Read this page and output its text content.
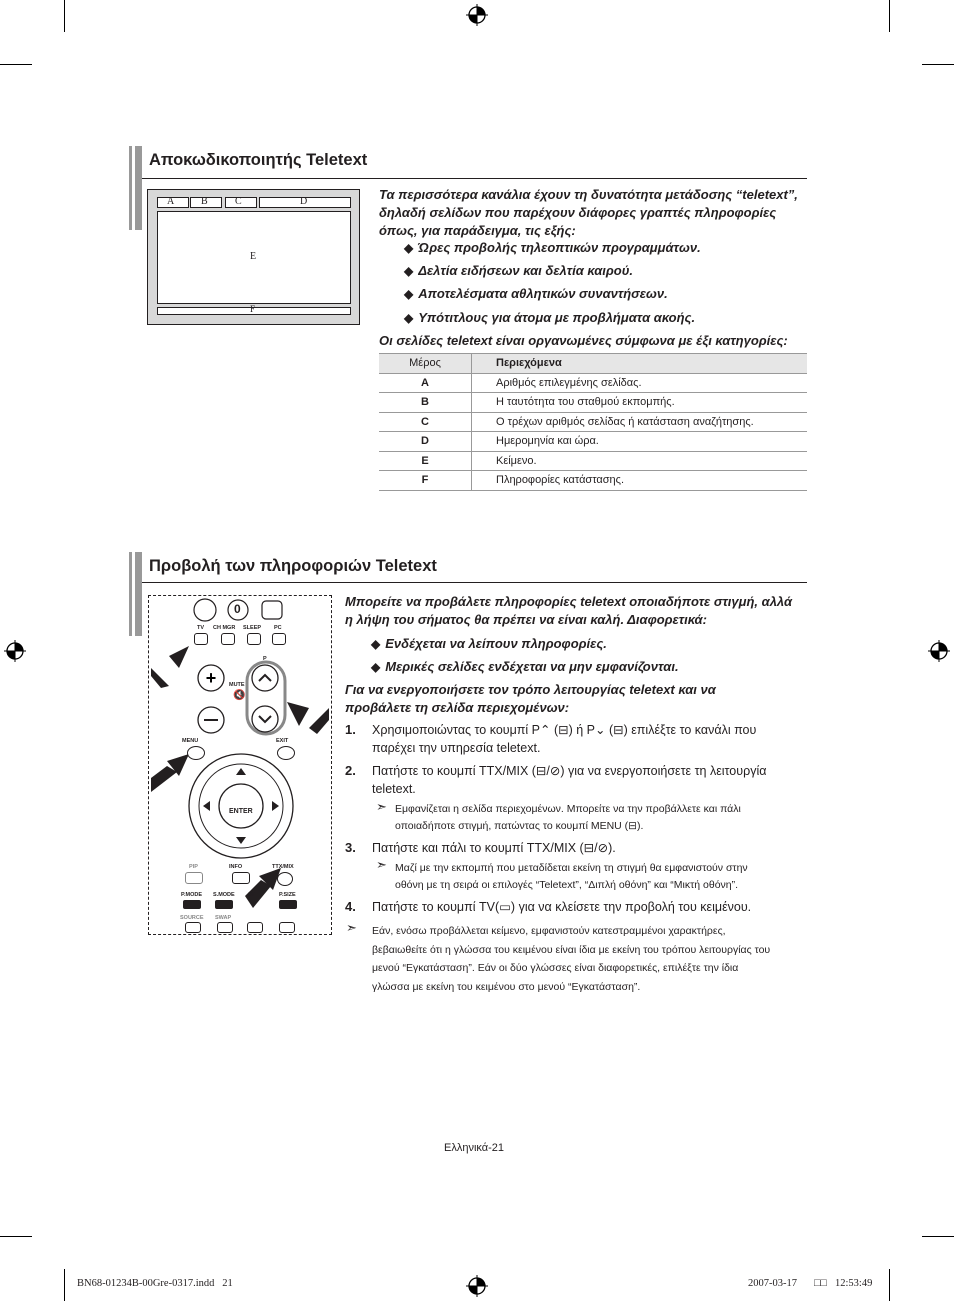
Αποκωδικοποιητής Teletext
A	B	C	D
E
F
Τα περισσότερα κανάλια έχουν τη δυνατότητα μετάδοσης “teletext”, δηλαδή σελίδων που παρέχουν διάφορες γραπτές πληροφορίες όπως, για παράδειγμα, τις εξής:
◆ Ώρες προβολής τηλεοπτικών προγραμμάτων.
◆ Δελτία ειδήσεων και δελτία καιρού.
◆ Αποτελέσματα αθλητικών συναντήσεων.
◆ Υπότιτλους για άτομα με προβλήματα ακοής.
Οι σελίδες teletext είναι οργανωμένες σύμφωνα με έξι κατηγορίες:
Μέρος	Περιεχόμενα
A	Αριθμός επιλεγμένης σελίδας.
B	Η ταυτότητα του σταθμού εκπομπής.
C	Ο τρέχων αριθμός σελίδας ή κατάσταση αναζήτησης.
D	Ημερομηνία και ώρα.
E	Κείμενο.
F	Πληροφορίες κατάστασης.
Προβολή των πληροφοριών Teletext
+
0
TV CH MGR SLEEP PC
P
MUTE
🔇
MENU	EXIT
ENTER
PIP	INFO	TTX/MIX
P.MODE S.MODE ST	P.SIZE
SOURCE SWAP
Μπορείτε να προβάλετε πληροφορίες teletext οποιαδήποτε στιγμή, αλλά η λήψη του σήματος θα πρέπει να είναι καλή. Διαφορετικά:
◆ Ενδέχεται να λείπουν πληροφορίες.
◆ Μερικές σελίδες ενδέχεται να μην εμφανίζονται.
Για να ενεργοποιήσετε τον τρόπο λειτουργίας teletext και να προβάλετε τη σελίδα περιεχομένων:
1. Χρησιμοποιώντας το κουμπί P⌃ (⊟) ή P⌄ (⊟) επιλέξτε το κανάλι που
παρέχει την υπηρεσία teletext.
2. Πατήστε το κουμπί TTX/MIX (⊟/⊘) για να ενεργοποιήσετε τη λειτουργία
teletext.
➣ Εμφανίζεται η σελίδα περιεχομένων. Μπορείτε να την προβάλλετε και πάλι
οποιαδήποτε στιγμή, πατώντας το κουμπί MENU (⊟).
3. Πατήστε και πάλι το κουμπί TTX/MIX (⊟/⊘).
➣ Μαζί με την εκπομπή που μεταδίδεται εκείνη τη στιγμή θα εμφανιστούν στην
οθόνη με τη σειρά οι επιλογές “Teletext”, “Διπλή οθόνη” και “Μικτή οθόνη”.
4. Πατήστε το κουμπί TV(▭) για να κλείσετε την προβολή του κειμένου.
➣ Εάν, ενόσω προβάλλεται κείμενο, εμφανιστούν κατεστραμμένοι χαρακτήρες,
βεβαιωθείτε ότι η γλώσσα του κειμένου είναι ίδια με εκείνη του τρόπου λειτουργίας του
μενού “Εγκατάσταση”. Εάν οι δύο γλώσσες είναι διαφορετικές, επιλέξτε την ίδια
γλώσσα με εκείνη του κειμένου στο μενού “Εγκατάσταση”.
Ελληνικά-21
BN68-01234B-00Gre-0317.indd   21	2007-03-17 □□ 12:53:49
